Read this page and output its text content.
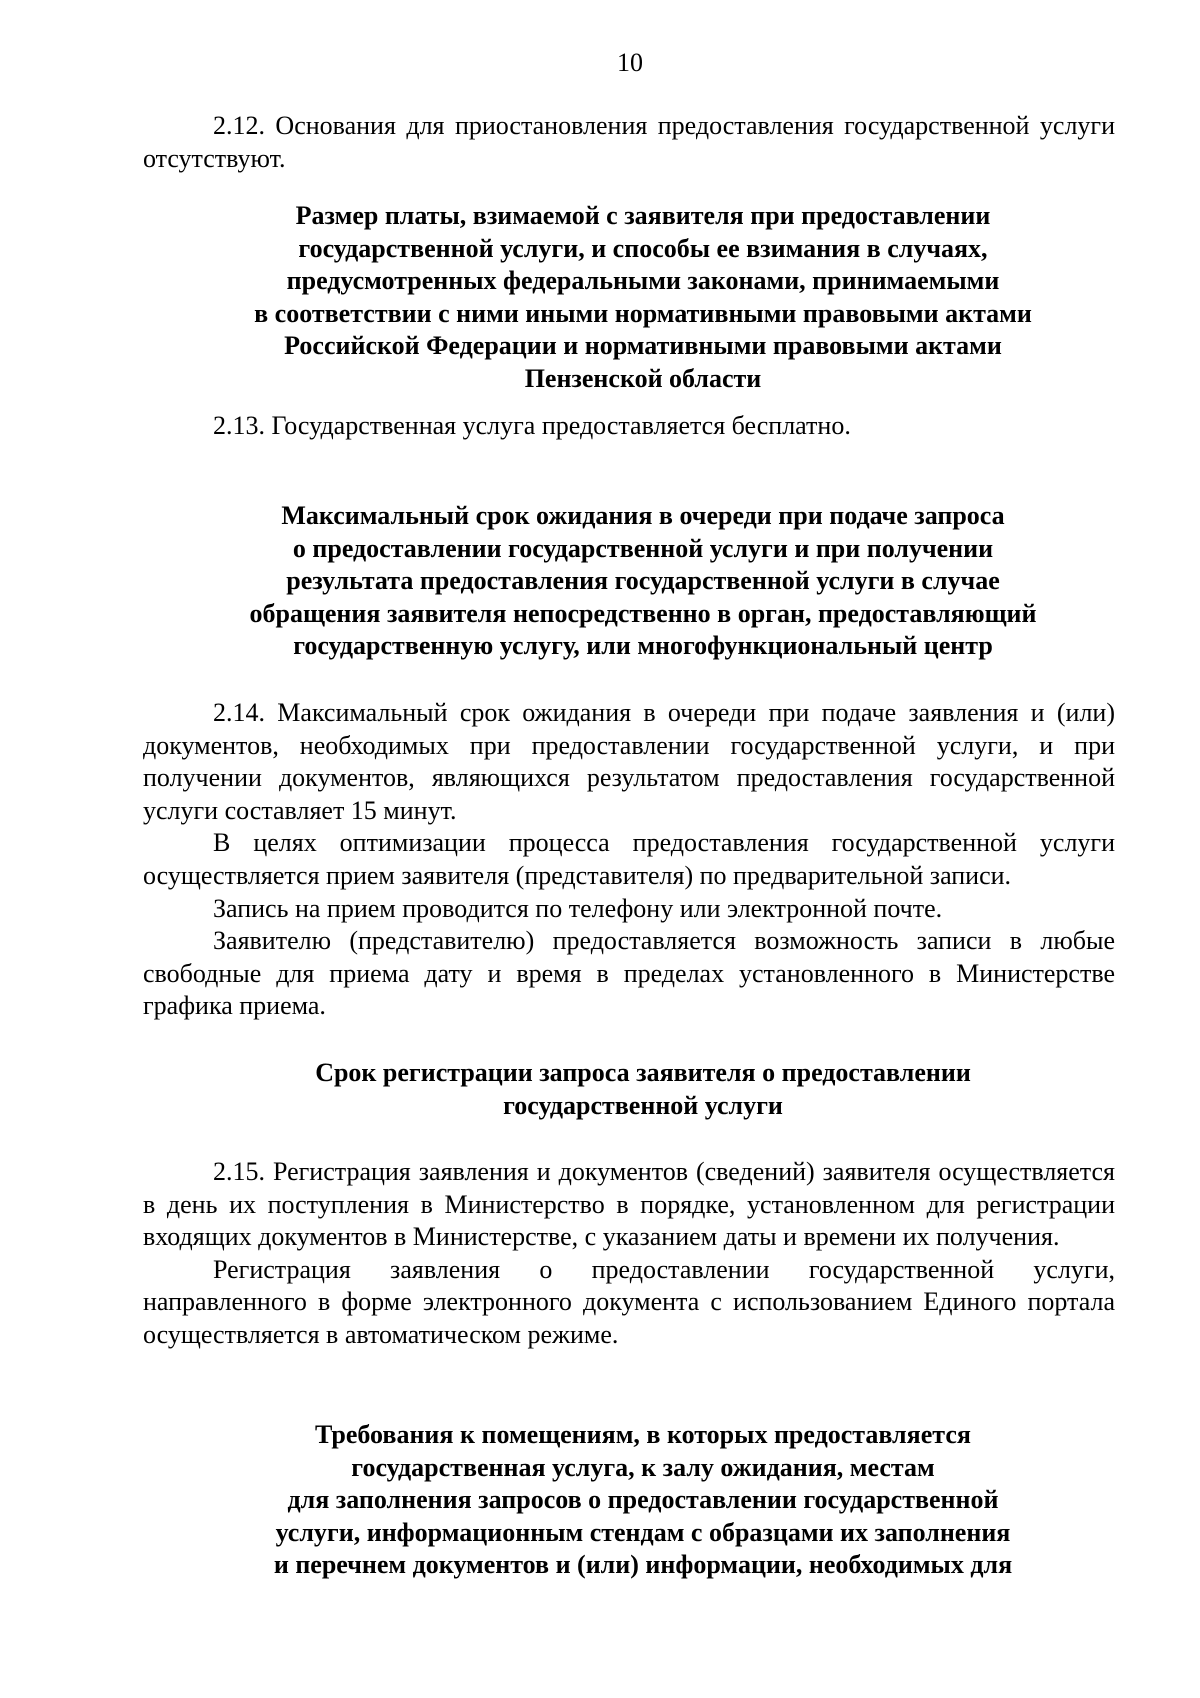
10

2.12. Основания для приостановления предоставления государственной услуги отсутствуют.

Размер платы, взимаемой с заявителя при предоставлении
государственной услуги, и способы ее взимания в случаях,
предусмотренных федеральными законами, принимаемыми
в соответствии с ними иными нормативными правовыми актами
Российской Федерации и нормативными правовыми актами
Пензенской области

2.13. Государственная услуга предоставляется бесплатно.

Максимальный срок ожидания в очереди при подаче запроса
о предоставлении государственной услуги и при получении
результата предоставления государственной услуги в случае
обращения заявителя непосредственно в орган, предоставляющий
государственную услугу, или многофункциональный центр

2.14. Максимальный срок ожидания в очереди при подаче заявления и (или) документов, необходимых при предоставлении государственной услуги, и при получении документов, являющихся результатом предоставления государственной услуги составляет 15 минут.

В целях оптимизации процесса предоставления государственной услуги осуществляется прием заявителя (представителя) по предварительной записи.

Запись на прием проводится по телефону или электронной почте.

Заявителю (представителю) предоставляется возможность записи в любые свободные для приема дату и время в пределах установленного в Министерстве графика приема.

Срок регистрации запроса заявителя о предоставлении
государственной услуги

2.15. Регистрация заявления и документов (сведений) заявителя осуществляется в день их поступления в Министерство в порядке, установленном для регистрации входящих документов в Министерстве, с указанием даты и времени их получения.

Регистрация заявления о предоставлении государственной услуги, направленного в форме электронного документа с использованием Единого портала осуществляется в автоматическом режиме.

Требования к помещениям, в которых предоставляется
государственная услуга, к залу ожидания, местам
для заполнения запросов о предоставлении государственной
услуги, информационным стендам с образцами их заполнения
и перечнем документов и (или) информации, необходимых для
